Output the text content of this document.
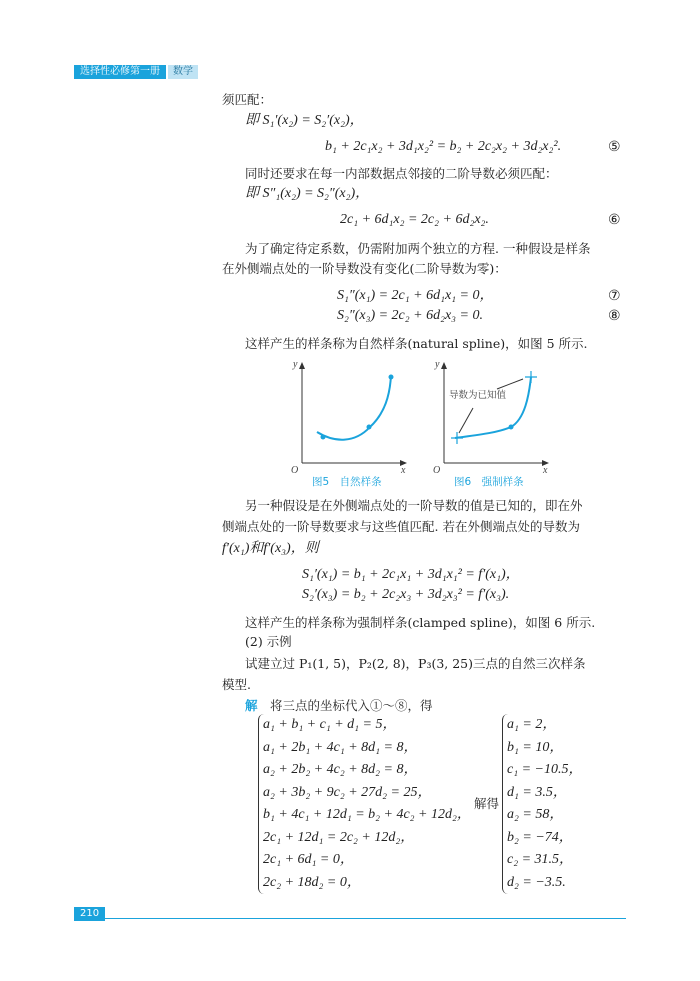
选择性必修第一册	数学
须匹配：
即 S₁′(x₂) = S₂′(x₂)，
b₁ + 2c₁x₂ + 3d₁x₂² = b₂ + 2c₂x₂ + 3d₂x₂².	⑤
同时还要求在每一内部数据点邻接的二阶导数必须匹配：
即 S″₁(x₂) = S₂″(x₂)，
2c₁ + 6d₁x₂ = 2c₂ + 6d₂x₂.	⑥
为了确定待定系数，仍需附加两个独立的方程. 一种假设是样条
在外侧端点处的一阶导数没有变化(二阶导数为零)：
S₁″(x₁) = 2c₁ + 6d₁x₁ = 0，	⑦
S₂″(x₃) = 2c₂ + 6d₂x₃ = 0.	⑧
这样产生的样条称为自然样条(natural spline)，如图 5 所示.
y
O	x
导数为已知值
y
O	x
图5　自然样条	图6　强制样条
另一种假设是在外侧端点处的一阶导数的值是已知的，即在外
侧端点处的一阶导数要求与这些值匹配. 若在外侧端点处的导数为
f′(x₁)和f′(x₃)，则
S₁′(x₁) = b₁ + 2c₁x₁ + 3d₁x₁² = f′(x₁)，
S₂′(x₃) = b₂ + 2c₂x₃ + 3d₂x₃² = f′(x₃).
这样产生的样条称为强制样条(clamped spline)，如图 6 所示.
(2) 示例
试建立过 P₁(1, 5)，P₂(2, 8)，P₃(3, 25)三点的自然三次样条
模型.
解　 将三点的坐标代入①～⑧，得
a₁ + b₁ + c₁ + d₁ = 5，
a₁ + 2b₁ + 4c₁ + 8d₁ = 8，
a₂ + 2b₂ + 4c₂ + 8d₂ = 8，
a₂ + 3b₂ + 9c₂ + 27d₂ = 25，
b₁ + 4c₁ + 12d₁ = b₂ + 4c₂ + 12d₂，
2c₁ + 12d₁ = 2c₂ + 12d₂，
2c₁ + 6d₁ = 0，
2c₂ + 18d₂ = 0，
解得
a₁ = 2，
b₁ = 10，
c₁ = −10.5，
d₁ = 3.5，
a₂ = 58，
b₂ = −74，
c₂ = 31.5，
d₂ = −3.5.
210
